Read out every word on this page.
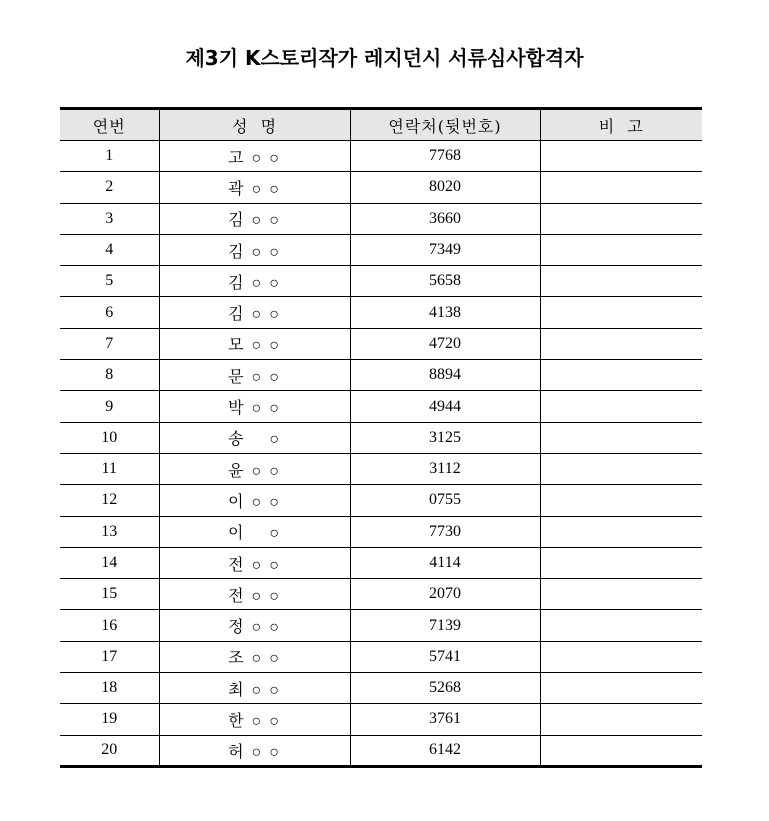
제3기 K스토리작가 레지던시 서류심사합격자
연번	성  명	연락처(뒷번호)	비  고
1	고 ○ ○	7768	
2	곽 ○ ○	8020	
3	김 ○ ○	3660	
4	김 ○ ○	7349	
5	김 ○ ○	5658	
6	김 ○ ○	4138	
7	모 ○ ○	4720	
8	문 ○ ○	8894	
9	박 ○ ○	4944	
10	송    ○	3125	
11	윤 ○ ○	3112	
12	이 ○ ○	0755	
13	이    ○	7730	
14	전 ○ ○	4114	
15	전 ○ ○	2070	
16	정 ○ ○	7139	
17	조 ○ ○	5741	
18	최 ○ ○	5268	
19	한 ○ ○	3761	
20	허 ○ ○	6142	
